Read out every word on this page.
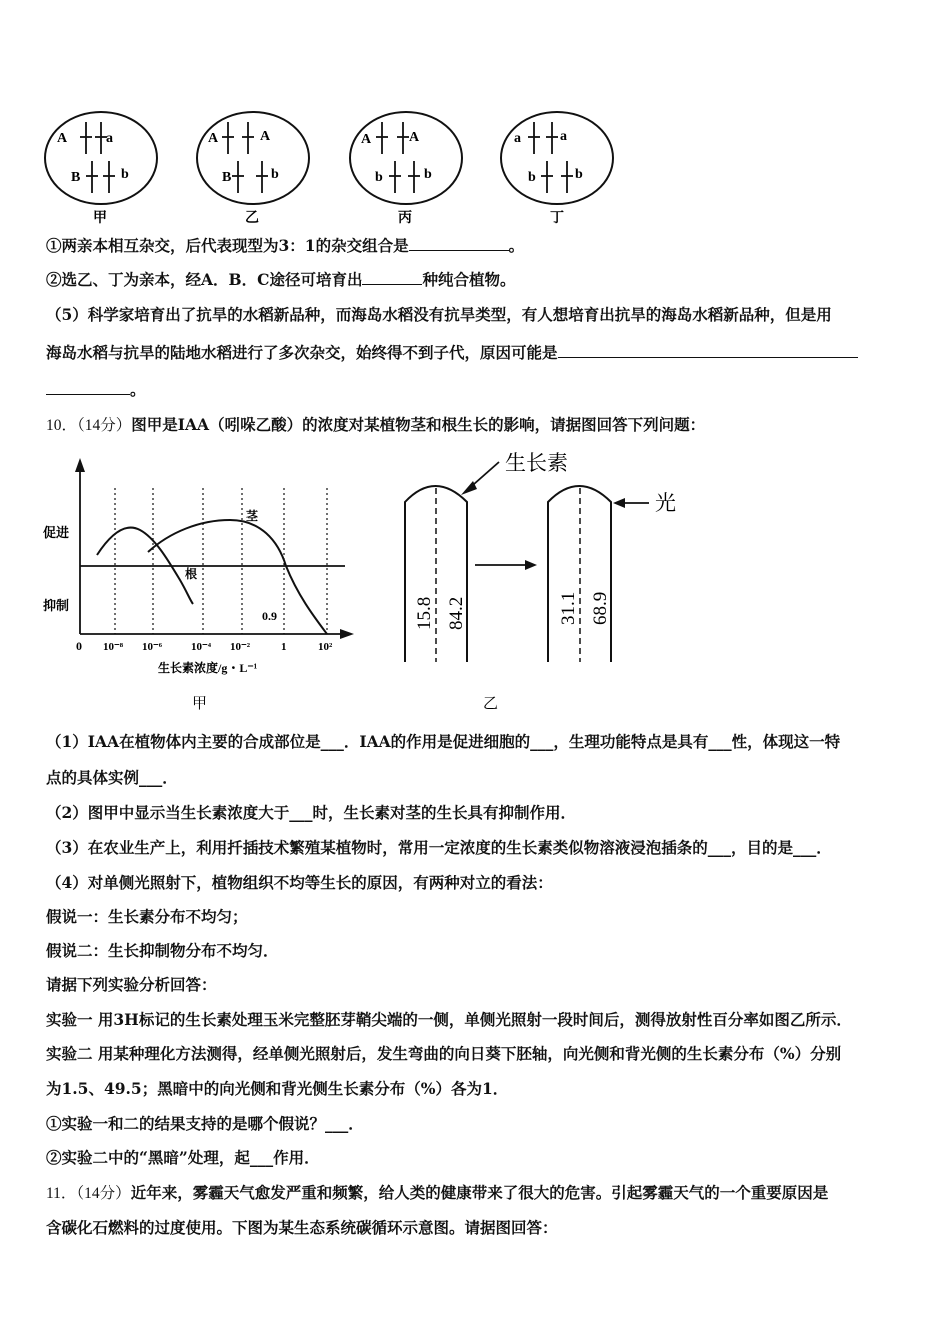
A	a
B	b
甲
A	A
B	b
乙
A	A
b	b
丙
a	a
b	b
丁
①两亲本相互杂交，后代表现型为3：1的杂交组合是	。
②选乙、丁为亲本，经A．B．C途径可培育出	种纯合植物。
（5）科学家培育出了抗旱的水稻新品种，而海岛水稻没有抗旱类型，有人想培育出抗旱的海岛水稻新品种，但是用
海岛水稻与抗旱的陆地水稻进行了多次杂交，始终得不到子代，原因可能是
。
10．（14分）图甲是IAA（吲哚乙酸）的浓度对某植物茎和根生长的影响，请据图回答下列问题：
促进
抑制
茎
根
0.9
0 10⁻⁸ 10⁻⁶	10⁻⁴ 10⁻²	1	10²
生长素浓度/g・L⁻¹
甲
生长素
光
15.8 84.2	31.1 68.9
乙
（1）IAA在植物体内主要的合成部位是___．IAA的作用是促进细胞的___，生理功能特点是具有___性，体现这一特
点的具体实例___．
（2）图甲中显示当生长素浓度大于___时，生长素对茎的生长具有抑制作用．
（3）在农业生产上，利用扦插技术繁殖某植物时，常用一定浓度的生长素类似物溶液浸泡插条的___，目的是___．
（4）对单侧光照射下，植物组织不均等生长的原因，有两种对立的看法：
假说一：生长素分布不均匀；
假说二：生长抑制物分布不均匀．
请据下列实验分析回答：
实验一 用3H标记的生长素处理玉米完整胚芽鞘尖端的一侧，单侧光照射一段时间后，测得放射性百分率如图乙所示．
实验二 用某种理化方法测得，经单侧光照射后，发生弯曲的向日葵下胚轴，向光侧和背光侧的生长素分布（%）分别
为1.5、49.5；黑暗中的向光侧和背光侧生长素分布（%）各为1．
①实验一和二的结果支持的是哪个假说？___．
②实验二中的“黑暗”处理，起___作用．
11．（14分）近年来，雾霾天气愈发严重和频繁，给人类的健康带来了很大的危害。引起雾霾天气的一个重要原因是
含碳化石燃料的过度使用。下图为某生态系统碳循环示意图。请据图回答：
